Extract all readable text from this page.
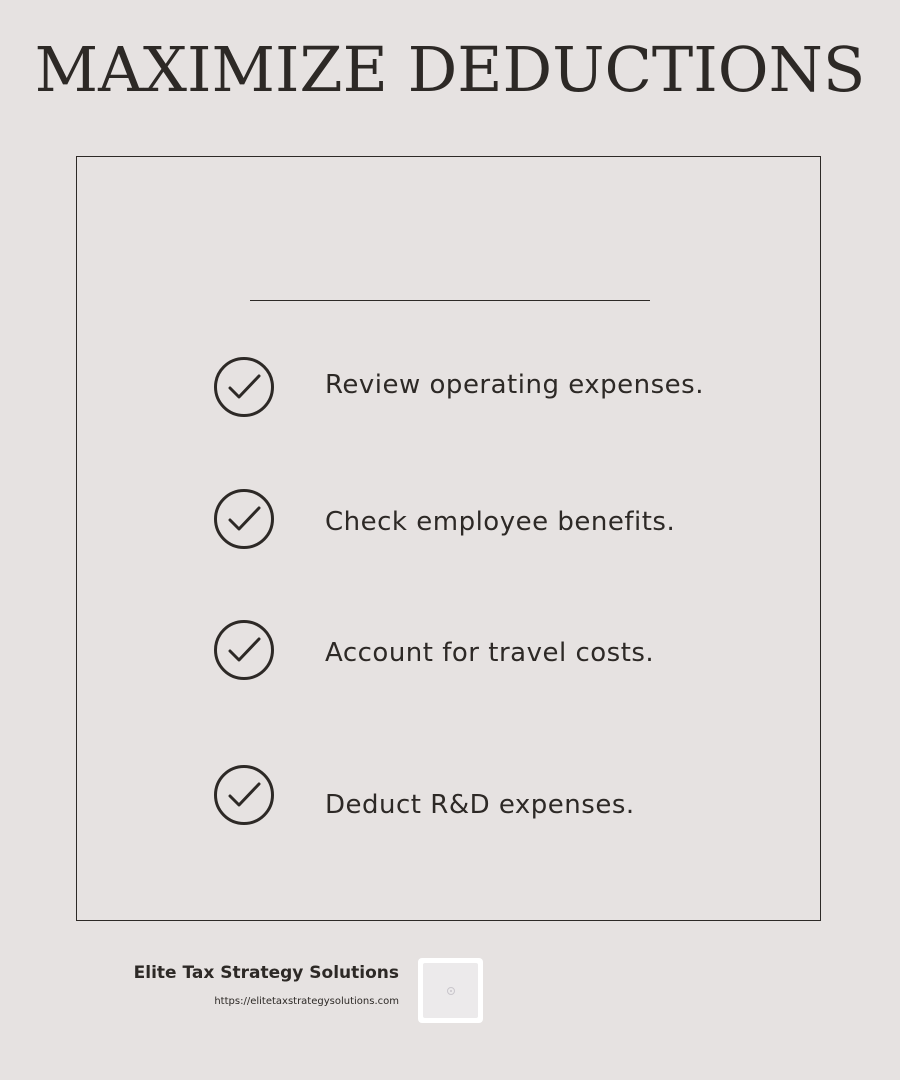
MAXIMIZE DEDUCTIONS
Review operating expenses.
Check employee benefits.
Account for travel costs.
Deduct R&D expenses.
Elite Tax Strategy Solutions
https://elitetaxstrategysolutions.com
